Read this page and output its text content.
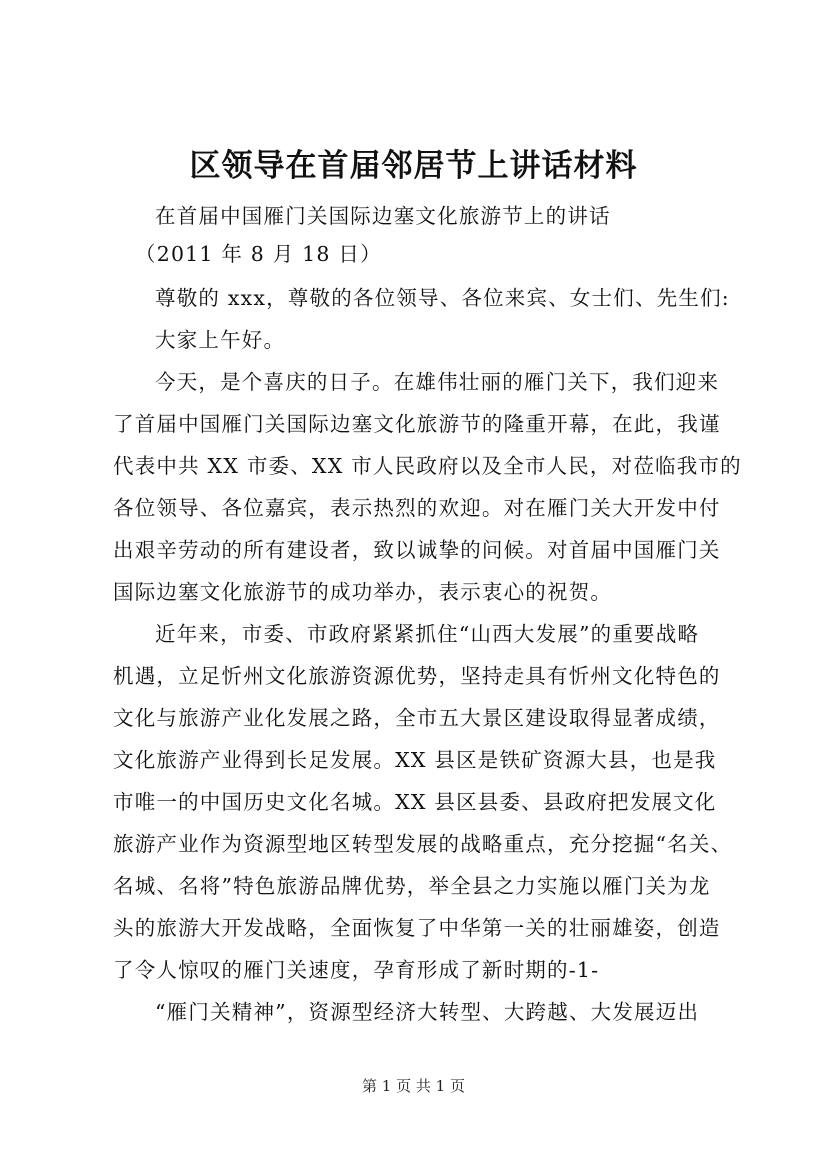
区领导在首届邻居节上讲话材料
在首届中国雁门关国际边塞文化旅游节上的讲话
（2011 年 8 月 18 日）
尊敬的 xxx，尊敬的各位领导、各位来宾、女士们、先生们:
大家上午好。
今天，是个喜庆的日子。在雄伟壮丽的雁门关下，我们迎来
了首届中国雁门关国际边塞文化旅游节的隆重开幕，在此，我谨
代表中共 XX 市委、XX 市人民政府以及全市人民，对莅临我市的
各位领导、各位嘉宾，表示热烈的欢迎。对在雁门关大开发中付
出艰辛劳动的所有建设者，致以诚挚的问候。对首届中国雁门关
国际边塞文化旅游节的成功举办，表示衷心的祝贺。
近年来，市委、市政府紧紧抓住“山西大发展”的重要战略
机遇，立足忻州文化旅游资源优势，坚持走具有忻州文化特色的
文化与旅游产业化发展之路，全市五大景区建设取得显著成绩，
文化旅游产业得到长足发展。XX 县区是铁矿资源大县，也是我
市唯一的中国历史文化名城。XX 县区县委、县政府把发展文化
旅游产业作为资源型地区转型发展的战略重点，充分挖掘“名关、
名城、名将”特色旅游品牌优势，举全县之力实施以雁门关为龙
头的旅游大开发战略，全面恢复了中华第一关的壮丽雄姿，创造
了令人惊叹的雁门关速度，孕育形成了新时期的-1-
“雁门关精神”，资源型经济大转型、大跨越、大发展迈出
第 1 页 共 1 页
